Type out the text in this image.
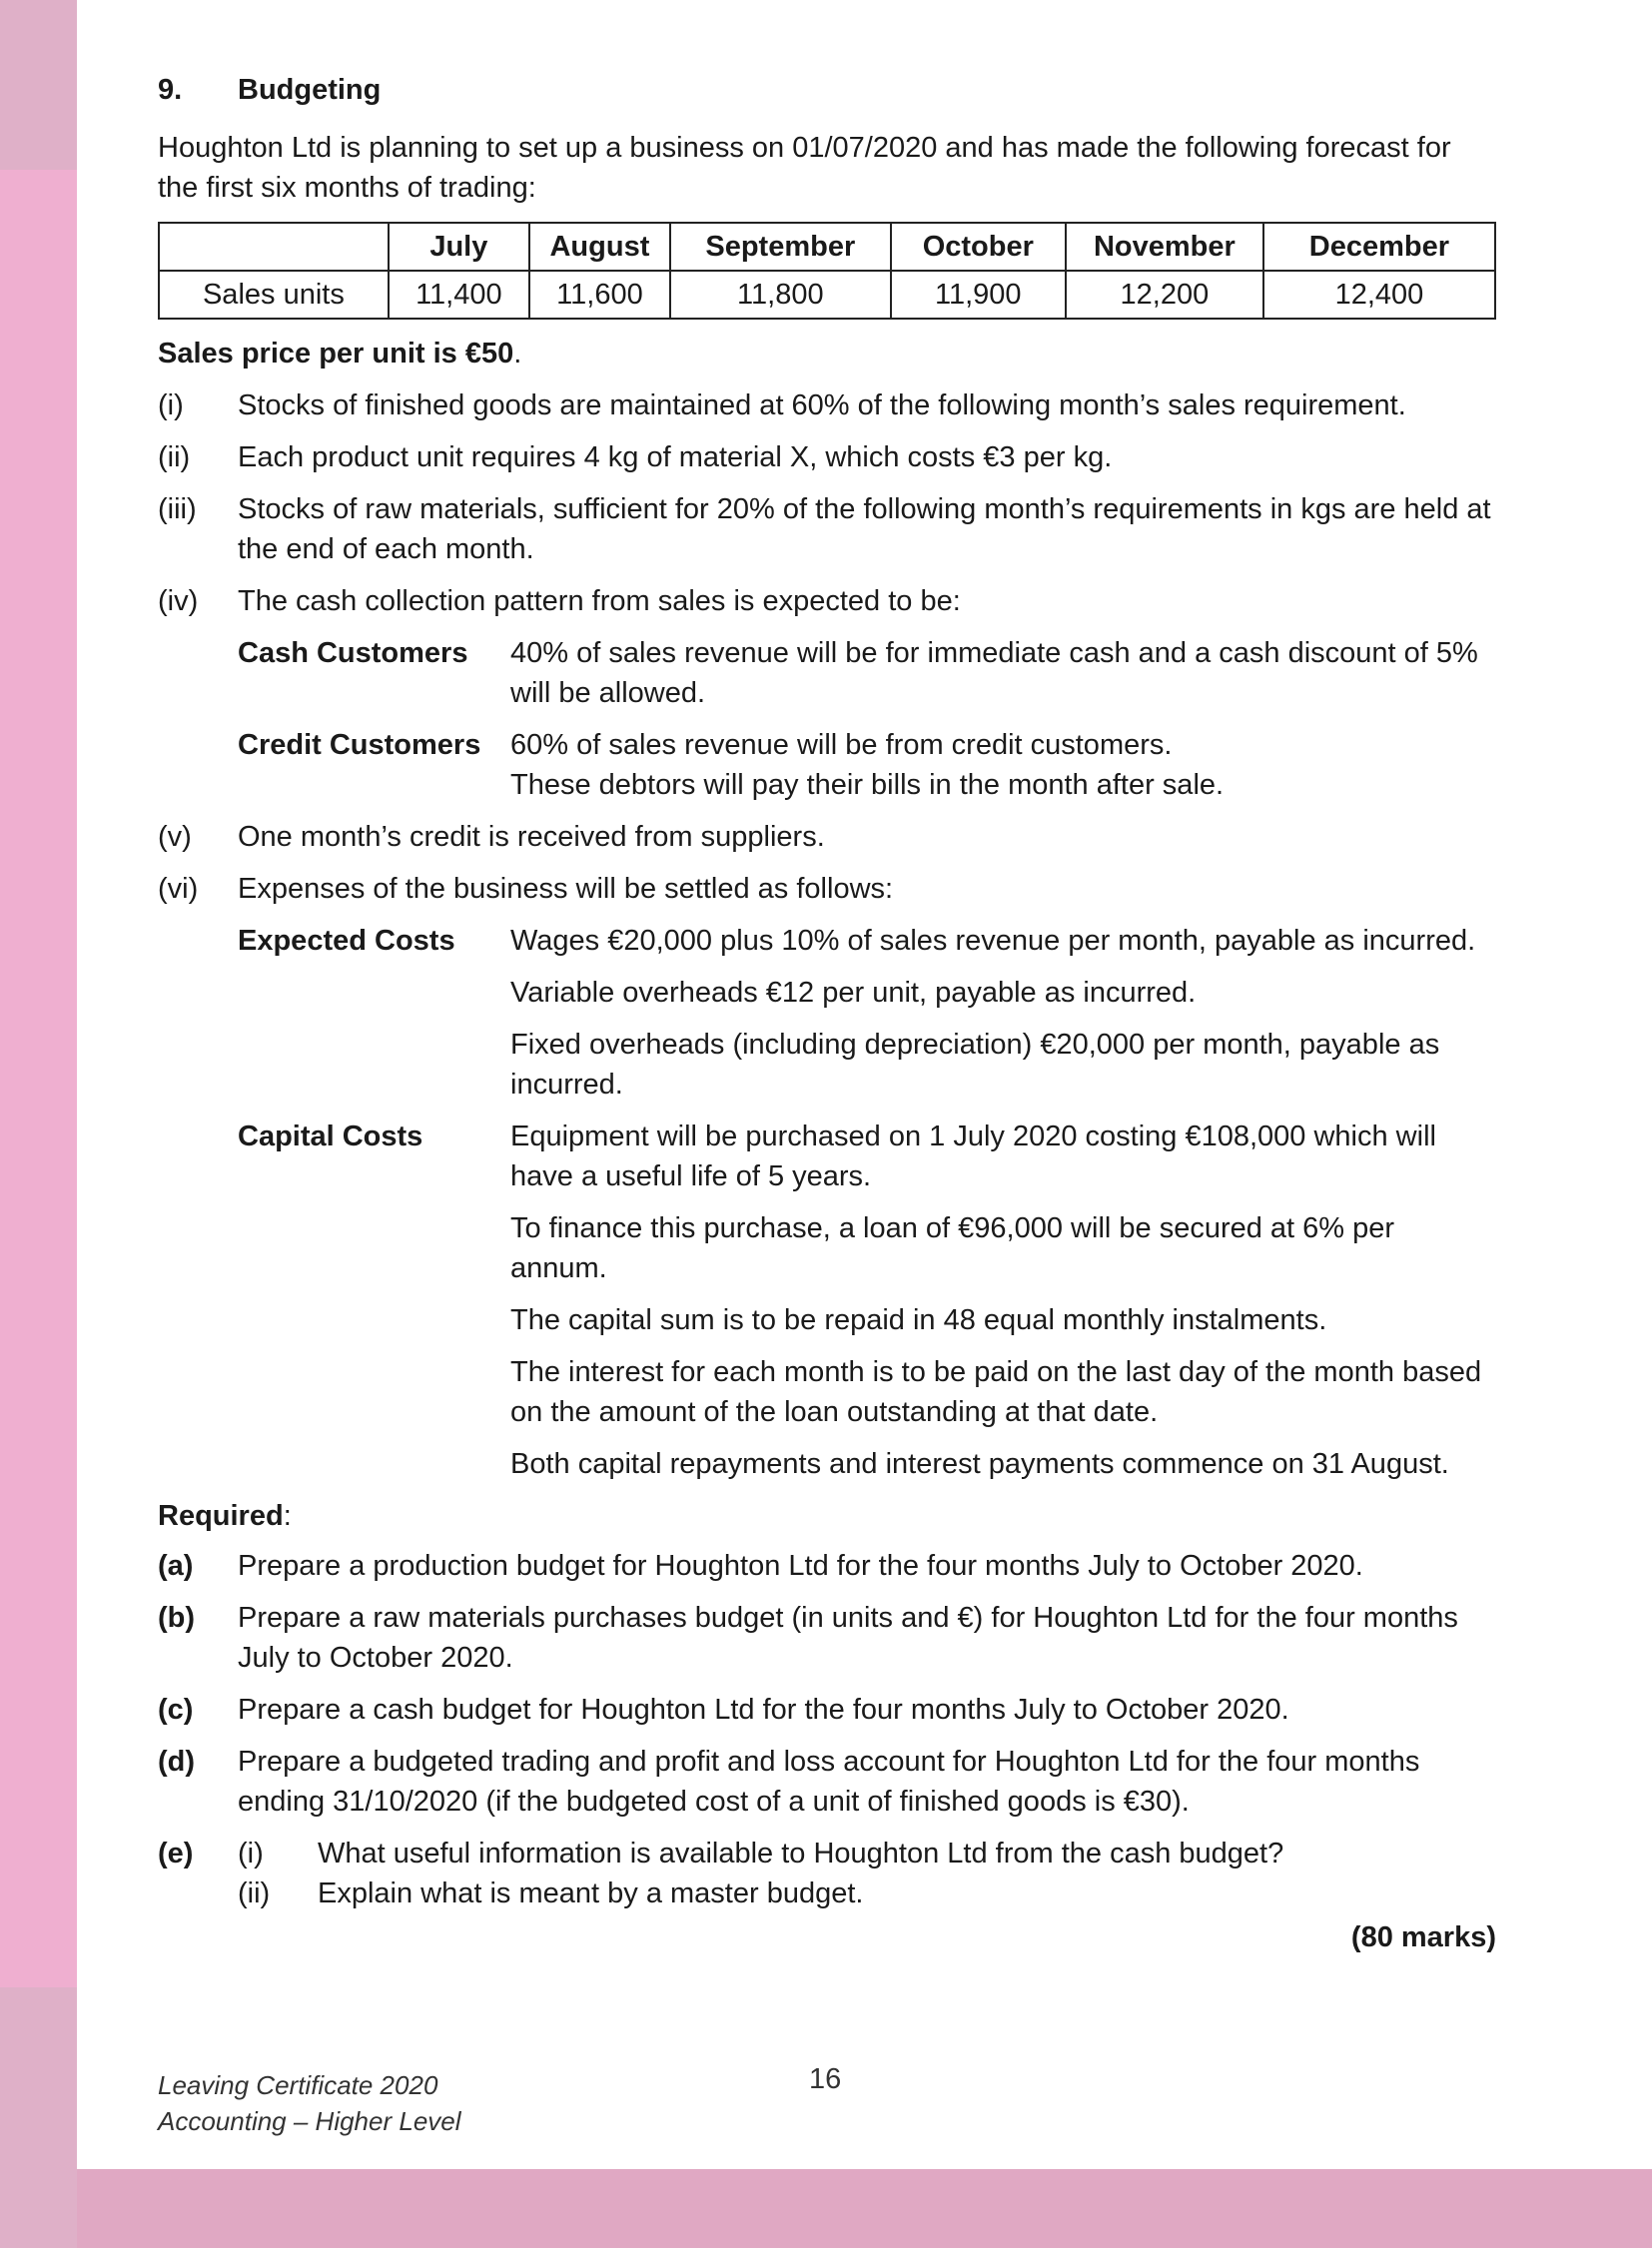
9. Budgeting
Houghton Ltd is planning to set up a business on 01/07/2020 and has made the following forecast for the first six months of trading:
	July	August	September	October	November	December
Sales units	11,400	11,600	11,800	11,900	12,200	12,400
Sales price per unit is €50.
(i)	Stocks of finished goods are maintained at 60% of the following month’s sales requirement.
(ii)	Each product unit requires 4 kg of material X, which costs €3 per kg.
(iii)	Stocks of raw materials, sufficient for 20% of the following month’s requirements in kgs are held at the end of each month.
(iv)	The cash collection pattern from sales is expected to be:
Cash Customers	40% of sales revenue will be for immediate cash and a cash discount of 5% will be allowed.
Credit Customers	60% of sales revenue will be from credit customers.
These debtors will pay their bills in the month after sale.
(v)	One month’s credit is received from suppliers.
(vi)	Expenses of the business will be settled as follows:
Expected Costs	Wages €20,000 plus 10% of sales revenue per month, payable as incurred.
Variable overheads €12 per unit, payable as incurred.
Fixed overheads (including depreciation) €20,000 per month, payable as incurred.
Capital Costs	Equipment will be purchased on 1 July 2020 costing €108,000 which will have a useful life of 5 years.
To finance this purchase, a loan of €96,000 will be secured at 6% per annum.
The capital sum is to be repaid in 48 equal monthly instalments.
The interest for each month is to be paid on the last day of the month based on the amount of the loan outstanding at that date.
Both capital repayments and interest payments commence on 31 August.
Required:
(a)	Prepare a production budget for Houghton Ltd for the four months July to October 2020.
(b)	Prepare a raw materials purchases budget (in units and €) for Houghton Ltd for the four months July to October 2020.
(c)	Prepare a cash budget for Houghton Ltd for the four months July to October 2020.
(d)	Prepare a budgeted trading and profit and loss account for Houghton Ltd for the four months ending 31/10/2020 (if the budgeted cost of a unit of finished goods is €30).
(e)	(i)	What useful information is available to Houghton Ltd from the cash budget?
(ii)	Explain what is meant by a master budget.
(80 marks)
Leaving Certificate 2020
Accounting – Higher Level
16
